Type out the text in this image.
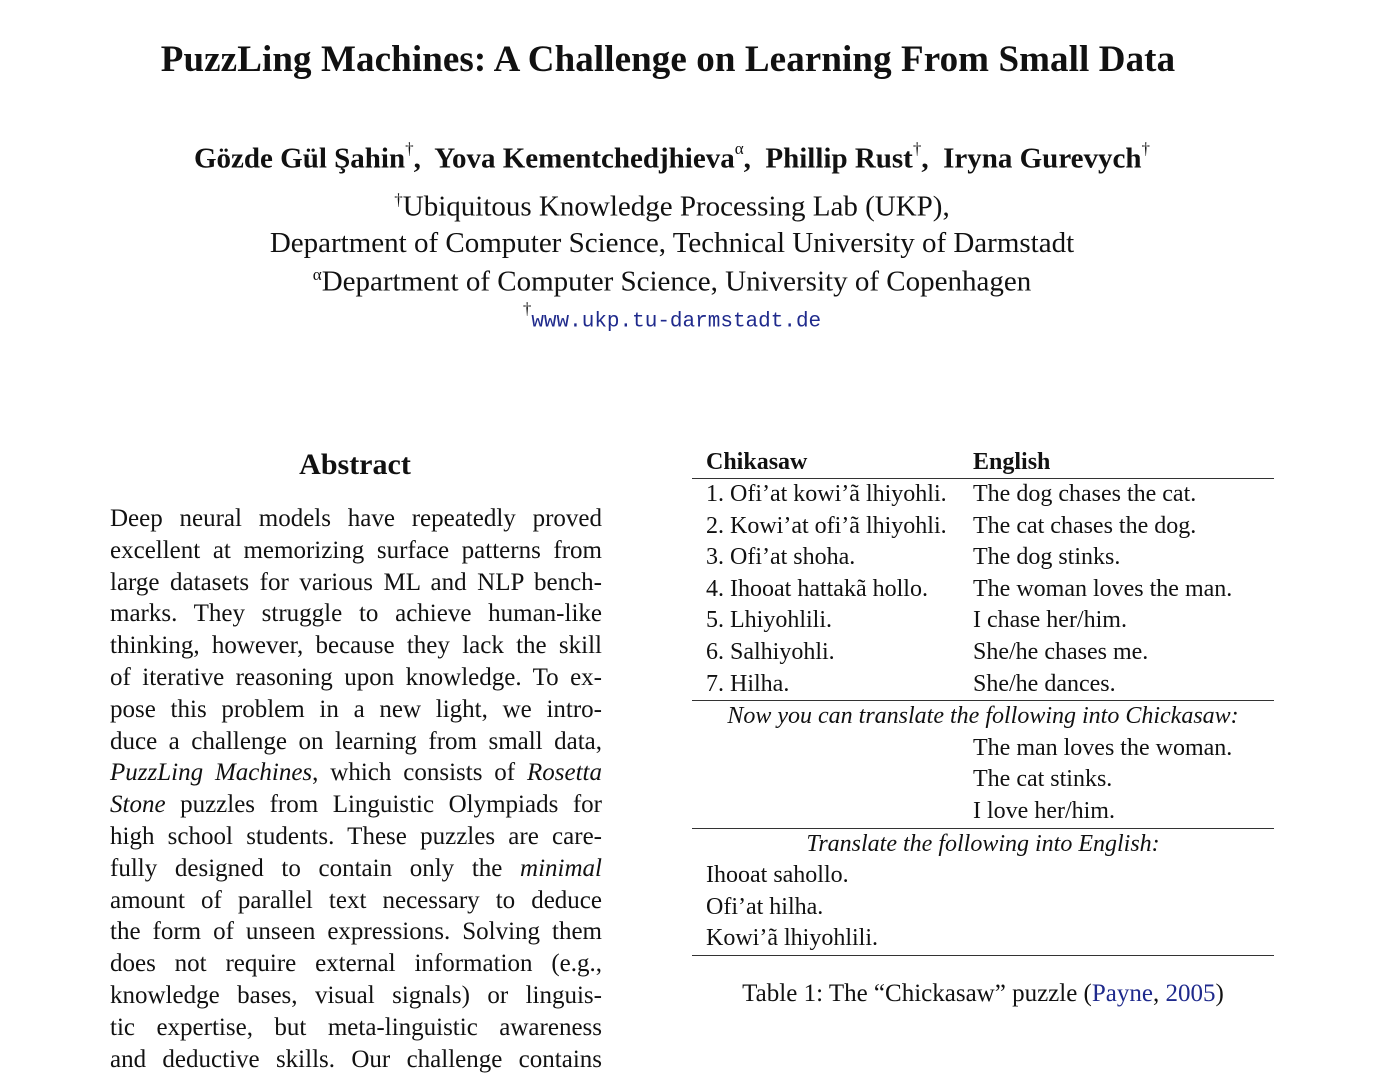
PuzzLing Machines: A Challenge on Learning From Small Data
Gözde Gül Şahin†,  Yova Kementchedjhieva$^\alpha$,  Phillip Rust†,  Iryna Gurevych†
†Ubiquitous Knowledge Processing Lab (UKP),
Department of Computer Science, Technical University of Darmstadt
$^\alpha$Department of Computer Science, University of Copenhagen
†www.ukp.tu-darmstadt.de
Abstract
Deep neural models have repeatedly proved
excellent at memorizing surface patterns from
large datasets for various ML and NLP bench-
marks. They struggle to achieve human-like
thinking, however, because they lack the skill
of iterative reasoning upon knowledge. To ex-
pose this problem in a new light, we intro-
duce a challenge on learning from small data,
PuzzLing Machines, which consists of Rosetta
Stone puzzles from Linguistic Olympiads for
high school students. These puzzles are care-
fully designed to contain only the minimal
amount of parallel text necessary to deduce
the form of unseen expressions. Solving them
does not require external information (e.g.,
knowledge bases, visual signals) or linguis-
tic expertise, but meta-linguistic awareness
and deductive skills. Our challenge contains
Chikasaw	English
1. Ofi’at kowi’ã lhiyohli.	The dog chases the cat.
2. Kowi’at ofi’ã lhiyohli.	The cat chases the dog.
3. Ofi’at shoha.	The dog stinks.
4. Ihooat hattakã hollo.	The woman loves the man.
5. Lhiyohlili.	I chase her/him.
6. Salhiyohli.	She/he chases me.
7. Hilha.	She/he dances.
Now you can translate the following into Chickasaw:
The man loves the woman.
The cat stinks.
I love her/him.
Translate the following into English:
Ihooat sahollo.
Ofi’at hilha.
Kowi’ã lhiyohlili.
Table 1: The “Chickasaw” puzzle (Payne, 2005)
